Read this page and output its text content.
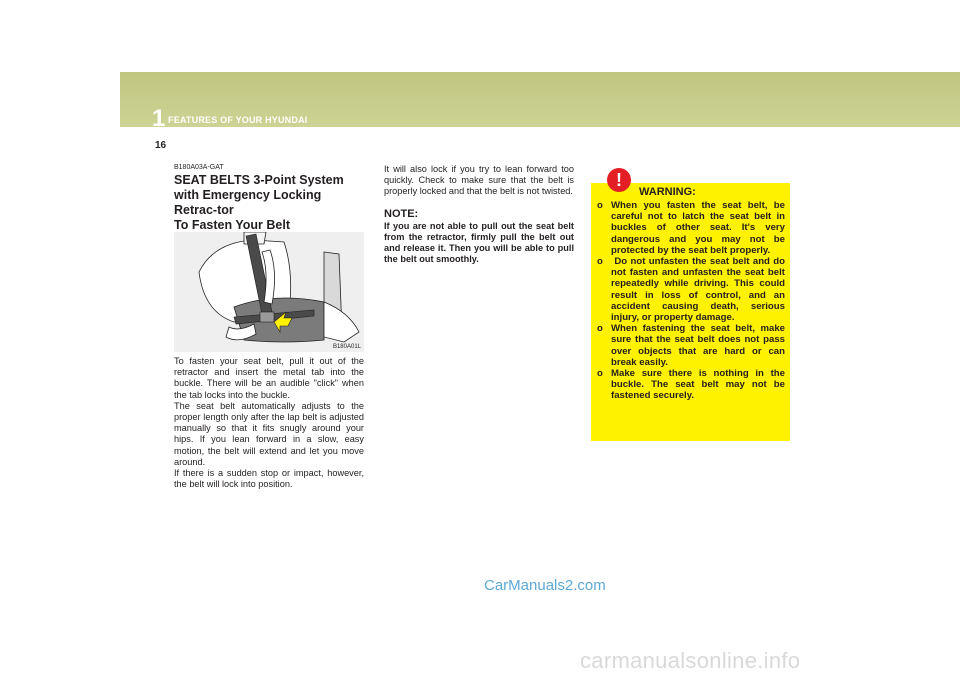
1 FEATURES OF YOUR HYUNDAI
16

B180A03A-GAT

SEAT BELTS 3-Point System with Emergency Locking Retrac-tor

To Fasten Your Belt

B180A01L

To fasten your seat belt, pull it out of the retractor and insert the metal tab into the buckle. There will be an audible "click" when the tab locks into the buckle.

The seat belt automatically adjusts to the proper length only after the lap belt is adjusted manually so that it fits snugly around your hips. If you lean forward in a slow, easy motion, the belt will extend and let you move around.

If there is a sudden stop or impact, however, the belt will lock into position.

It will also lock if you try to lean forward too quickly. Check to make sure that the belt is properly locked and that the belt is not twisted.

NOTE:

If you are not able to pull out the seat belt from the retractor, firmly pull the belt out and release it. Then you will be able to pull the belt out smoothly.

WARNING:

o When you fasten the seat belt, be careful not to latch the seat belt in buckles of other seat. It's very dangerous and you may not be protected by the seat belt properly.
o Do not unfasten the seat belt and do not fasten and unfasten the seat belt repeatedly while driving. This could result in loss of control, and an accident causing death, serious injury, or property damage.
o When fastening the seat belt, make sure that the seat belt does not pass over objects that are hard or can break easily.
o Make sure there is nothing in the buckle. The seat belt may not be fastened securely.
!
CarManuals2.com
carmanualsonline.info
